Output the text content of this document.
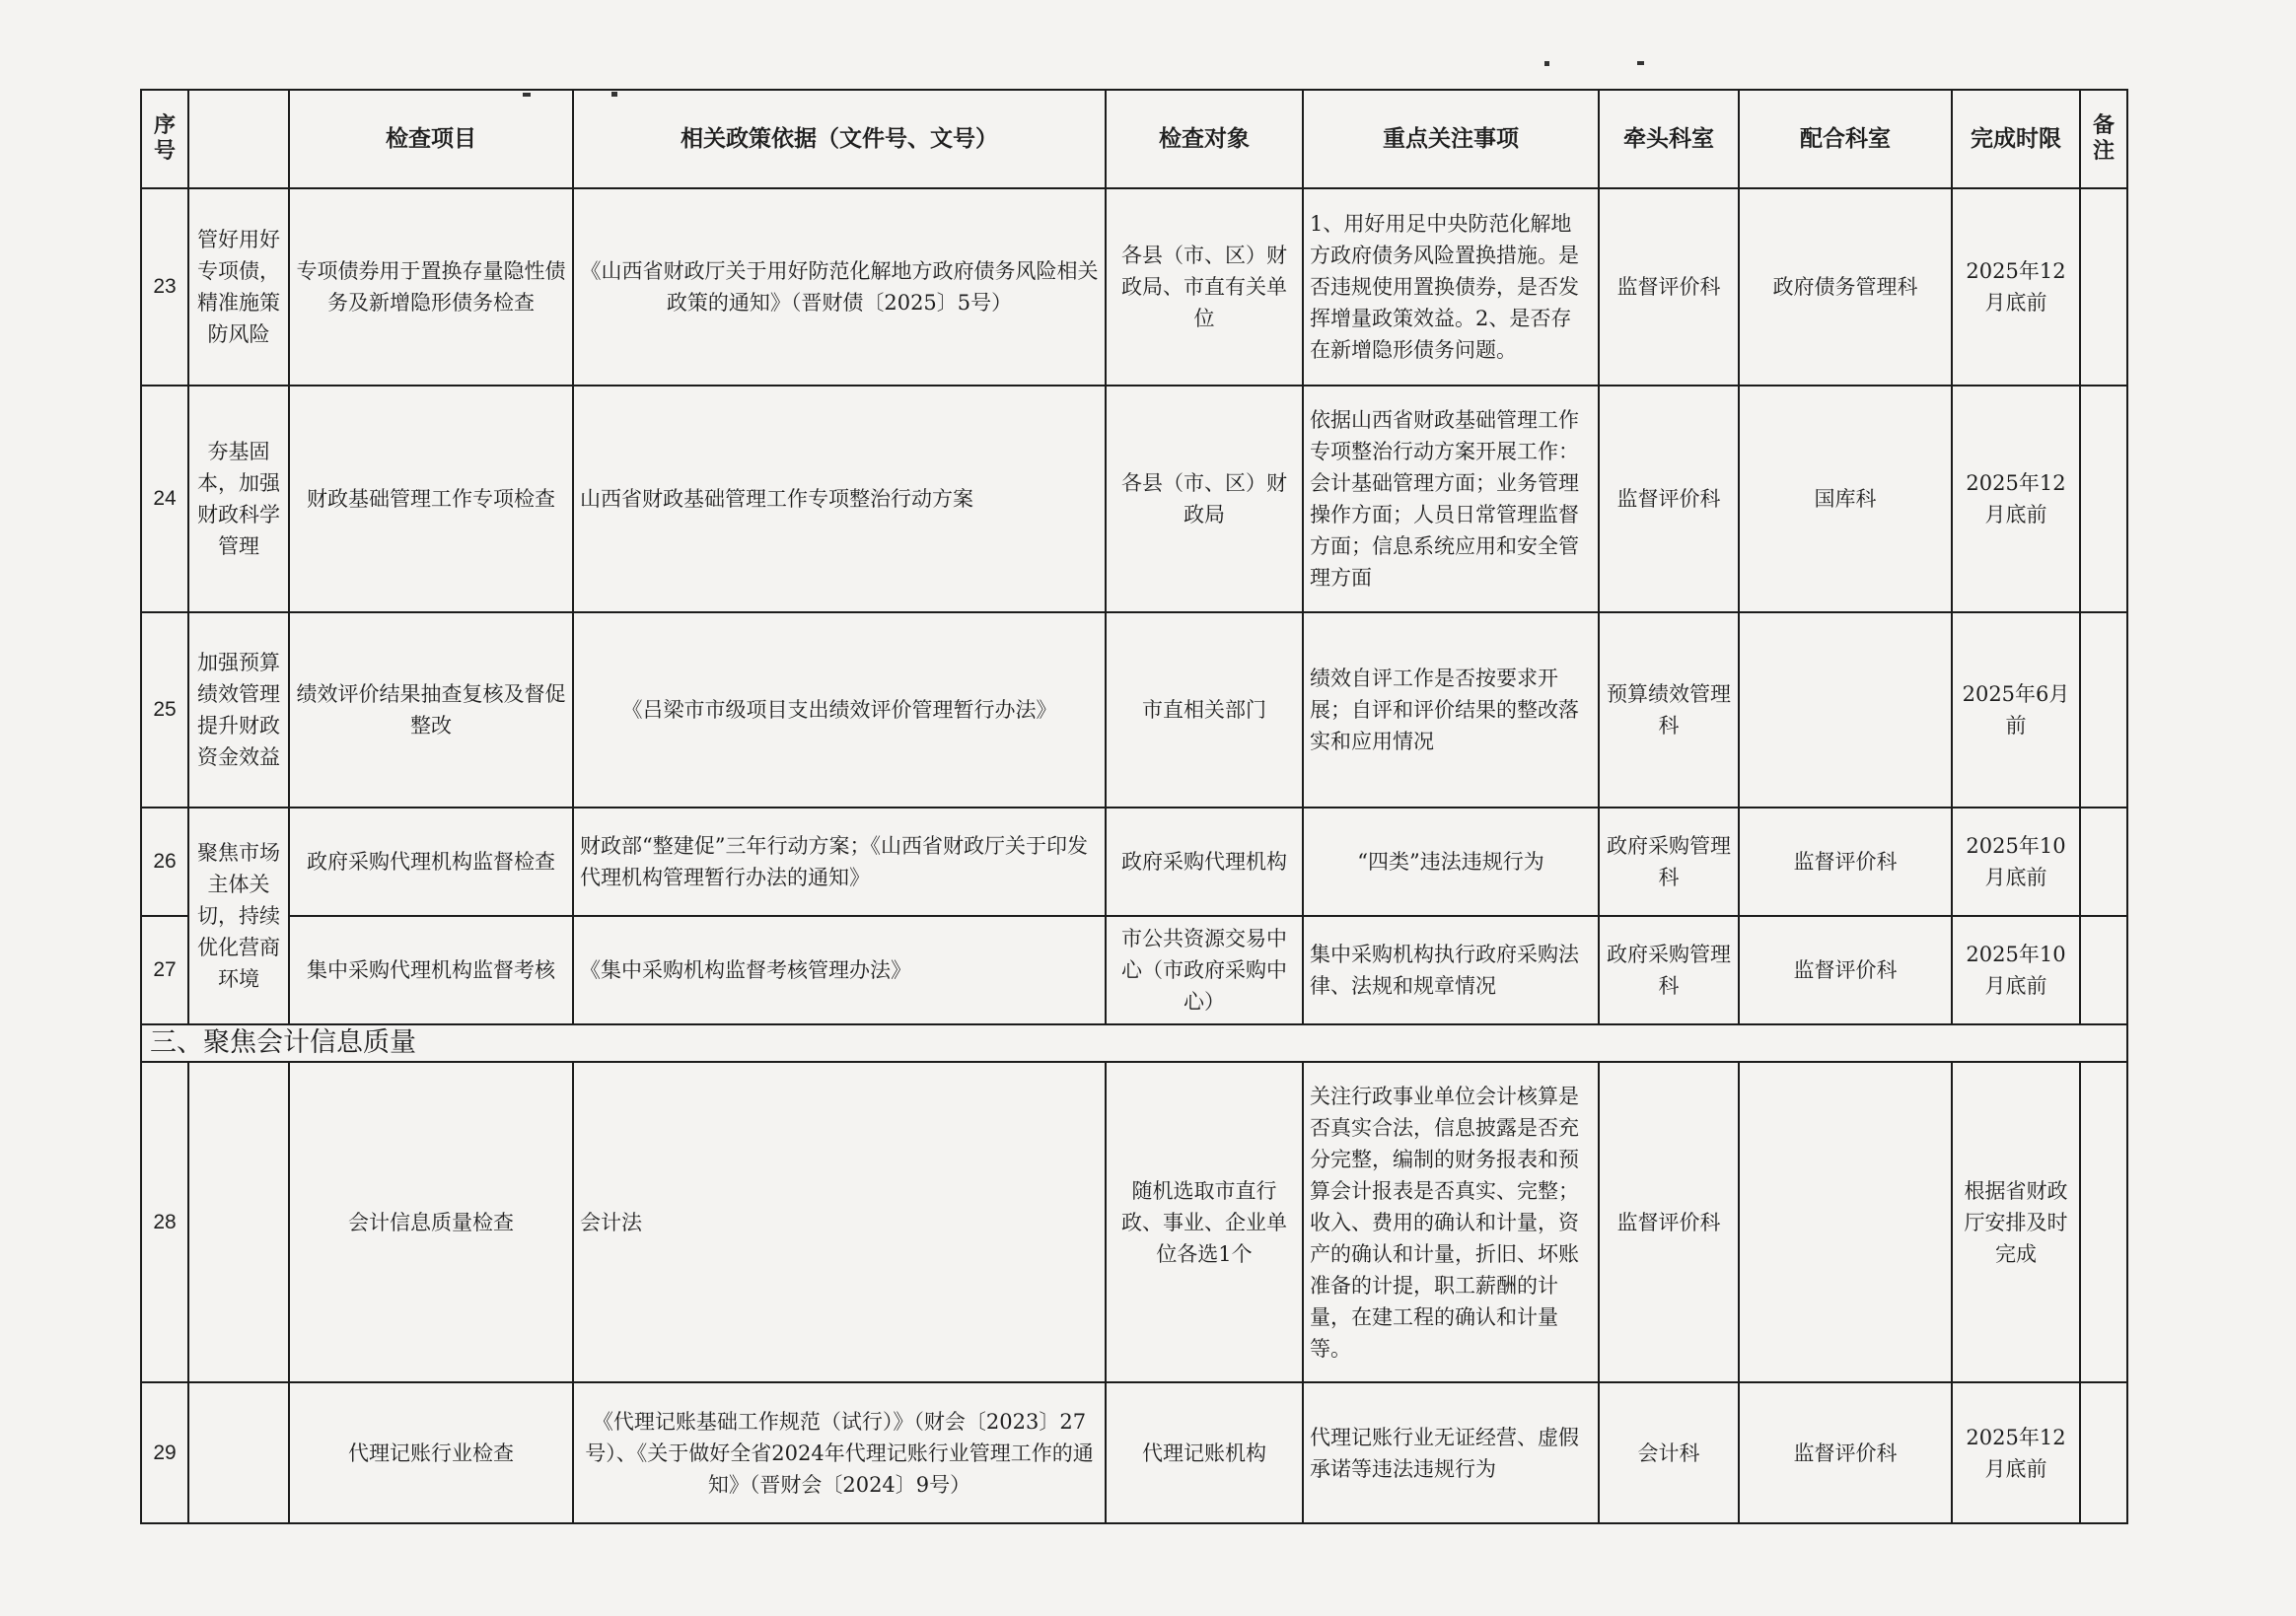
序号		检查项目	相关政策依据（文件号、文号）	检查对象	重点关注事项	牵头科室	配合科室	完成时限	备注
23	管好用好专项债，精准施策防风险	专项债券用于置换存量隐性债务及新增隐形债务检查	《山西省财政厅关于用好防范化解地方政府债务风险相关政策的通知》（晋财债〔2025〕5号）	各县（市、区）财政局、市直有关单位	1、用好用足中央防范化解地方政府债务风险置换措施。是否违规使用置换债券，是否发挥增量政策效益。2、是否存在新增隐形债务问题。	监督评价科	政府债务管理科	2025年12月底前	
24	夯基固本，加强财政科学管理	财政基础管理工作专项检查	山西省财政基础管理工作专项整治行动方案	各县（市、区）财政局	依据山西省财政基础管理工作专项整治行动方案开展工作：会计基础管理方面；业务管理操作方面；人员日常管理监督方面；信息系统应用和安全管理方面	监督评价科	国库科	2025年12月底前	
25	加强预算绩效管理 提升财政资金效益	绩效评价结果抽查复核及督促整改	《吕梁市市级项目支出绩效评价管理暂行办法》	市直相关部门	绩效自评工作是否按要求开展；自评和评价结果的整改落实和应用情况	预算绩效管理科		2025年6月前	
26	聚焦市场主体关切，持续优化营商环境	政府采购代理机构监督检查	财政部“整建促”三年行动方案；《山西省财政厅关于印发代理机构管理暂行办法的通知》	政府采购代理机构	“四类”违法违规行为	政府采购管理科	监督评价科	2025年10月底前	
27		集中采购代理机构监督考核	《集中采购机构监督考核管理办法》	市公共资源交易中心（市政府采购中心）	集中采购机构执行政府采购法律、法规和规章情况	政府采购管理科	监督评价科	2025年10月底前	
三、聚焦会计信息质量									
28		会计信息质量检查	会计法	随机选取市直行政、事业、企业单位各选1个	关注行政事业单位会计核算是否真实合法，信息披露是否充分完整，编制的财务报表和预算会计报表是否真实、完整；收入、费用的确认和计量，资产的确认和计量，折旧、坏账准备的计提，职工薪酬的计量，在建工程的确认和计量等。	监督评价科		根据省财政厅安排及时完成	
29		代理记账行业检查	《代理记账基础工作规范（试行）》（财会〔2023〕27号）、《关于做好全省2024年代理记账行业管理工作的通知》（晋财会〔2024〕9号）	代理记账机构	代理记账行业无证经营、虚假承诺等违法违规行为	会计科	监督评价科	2025年12月底前	
